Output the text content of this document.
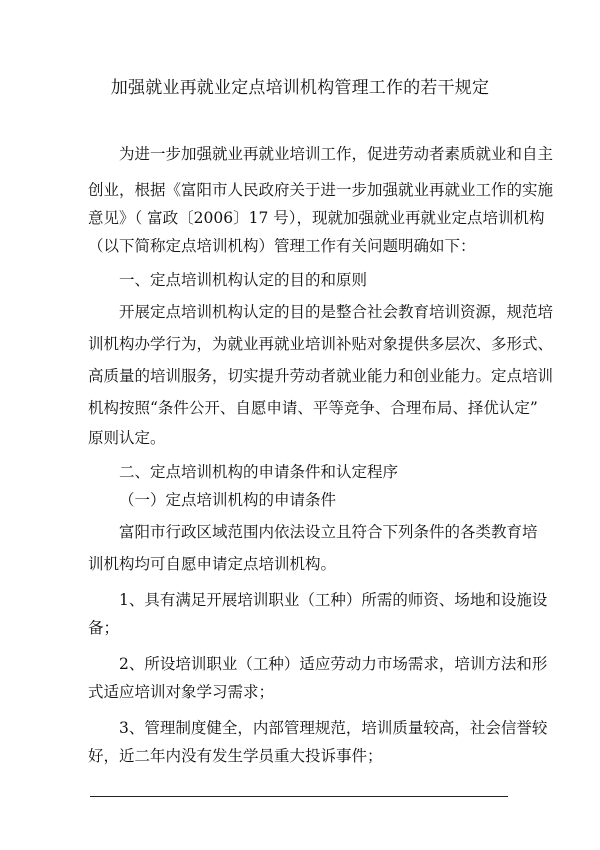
加强就业再就业定点培训机构管理工作的若干规定
为进一步加强就业再就业培训工作，促进劳动者素质就业和自主
创业，根据《富阳市人民政府关于进一步加强就业再就业工作的实施
意见》（ 富政〔2006〕17 号），现就加强就业再就业定点培训机构
（以下简称定点培训机构）管理工作有关问题明确如下：
一、定点培训机构认定的目的和原则
开展定点培训机构认定的目的是整合社会教育培训资源，规范培
训机构办学行为，为就业再就业培训补贴对象提供多层次、多形式、
高质量的培训服务，切实提升劳动者就业能力和创业能力。定点培训
机构按照“条件公开、自愿申请、平等竞争、合理布局、择优认定”
原则认定。
二、定点培训机构的申请条件和认定程序
（一）定点培训机构的申请条件
富阳市行政区域范围内依法设立且符合下列条件的各类教育培
训机构均可自愿申请定点培训机构。
1、具有满足开展培训职业（工种）所需的师资、场地和设施设
备；
2、所设培训职业（工种）适应劳动力市场需求，培训方法和形
式适应培训对象学习需求；
3、管理制度健全，内部管理规范，培训质量较高，社会信誉较
好，近二年内没有发生学员重大投诉事件；
